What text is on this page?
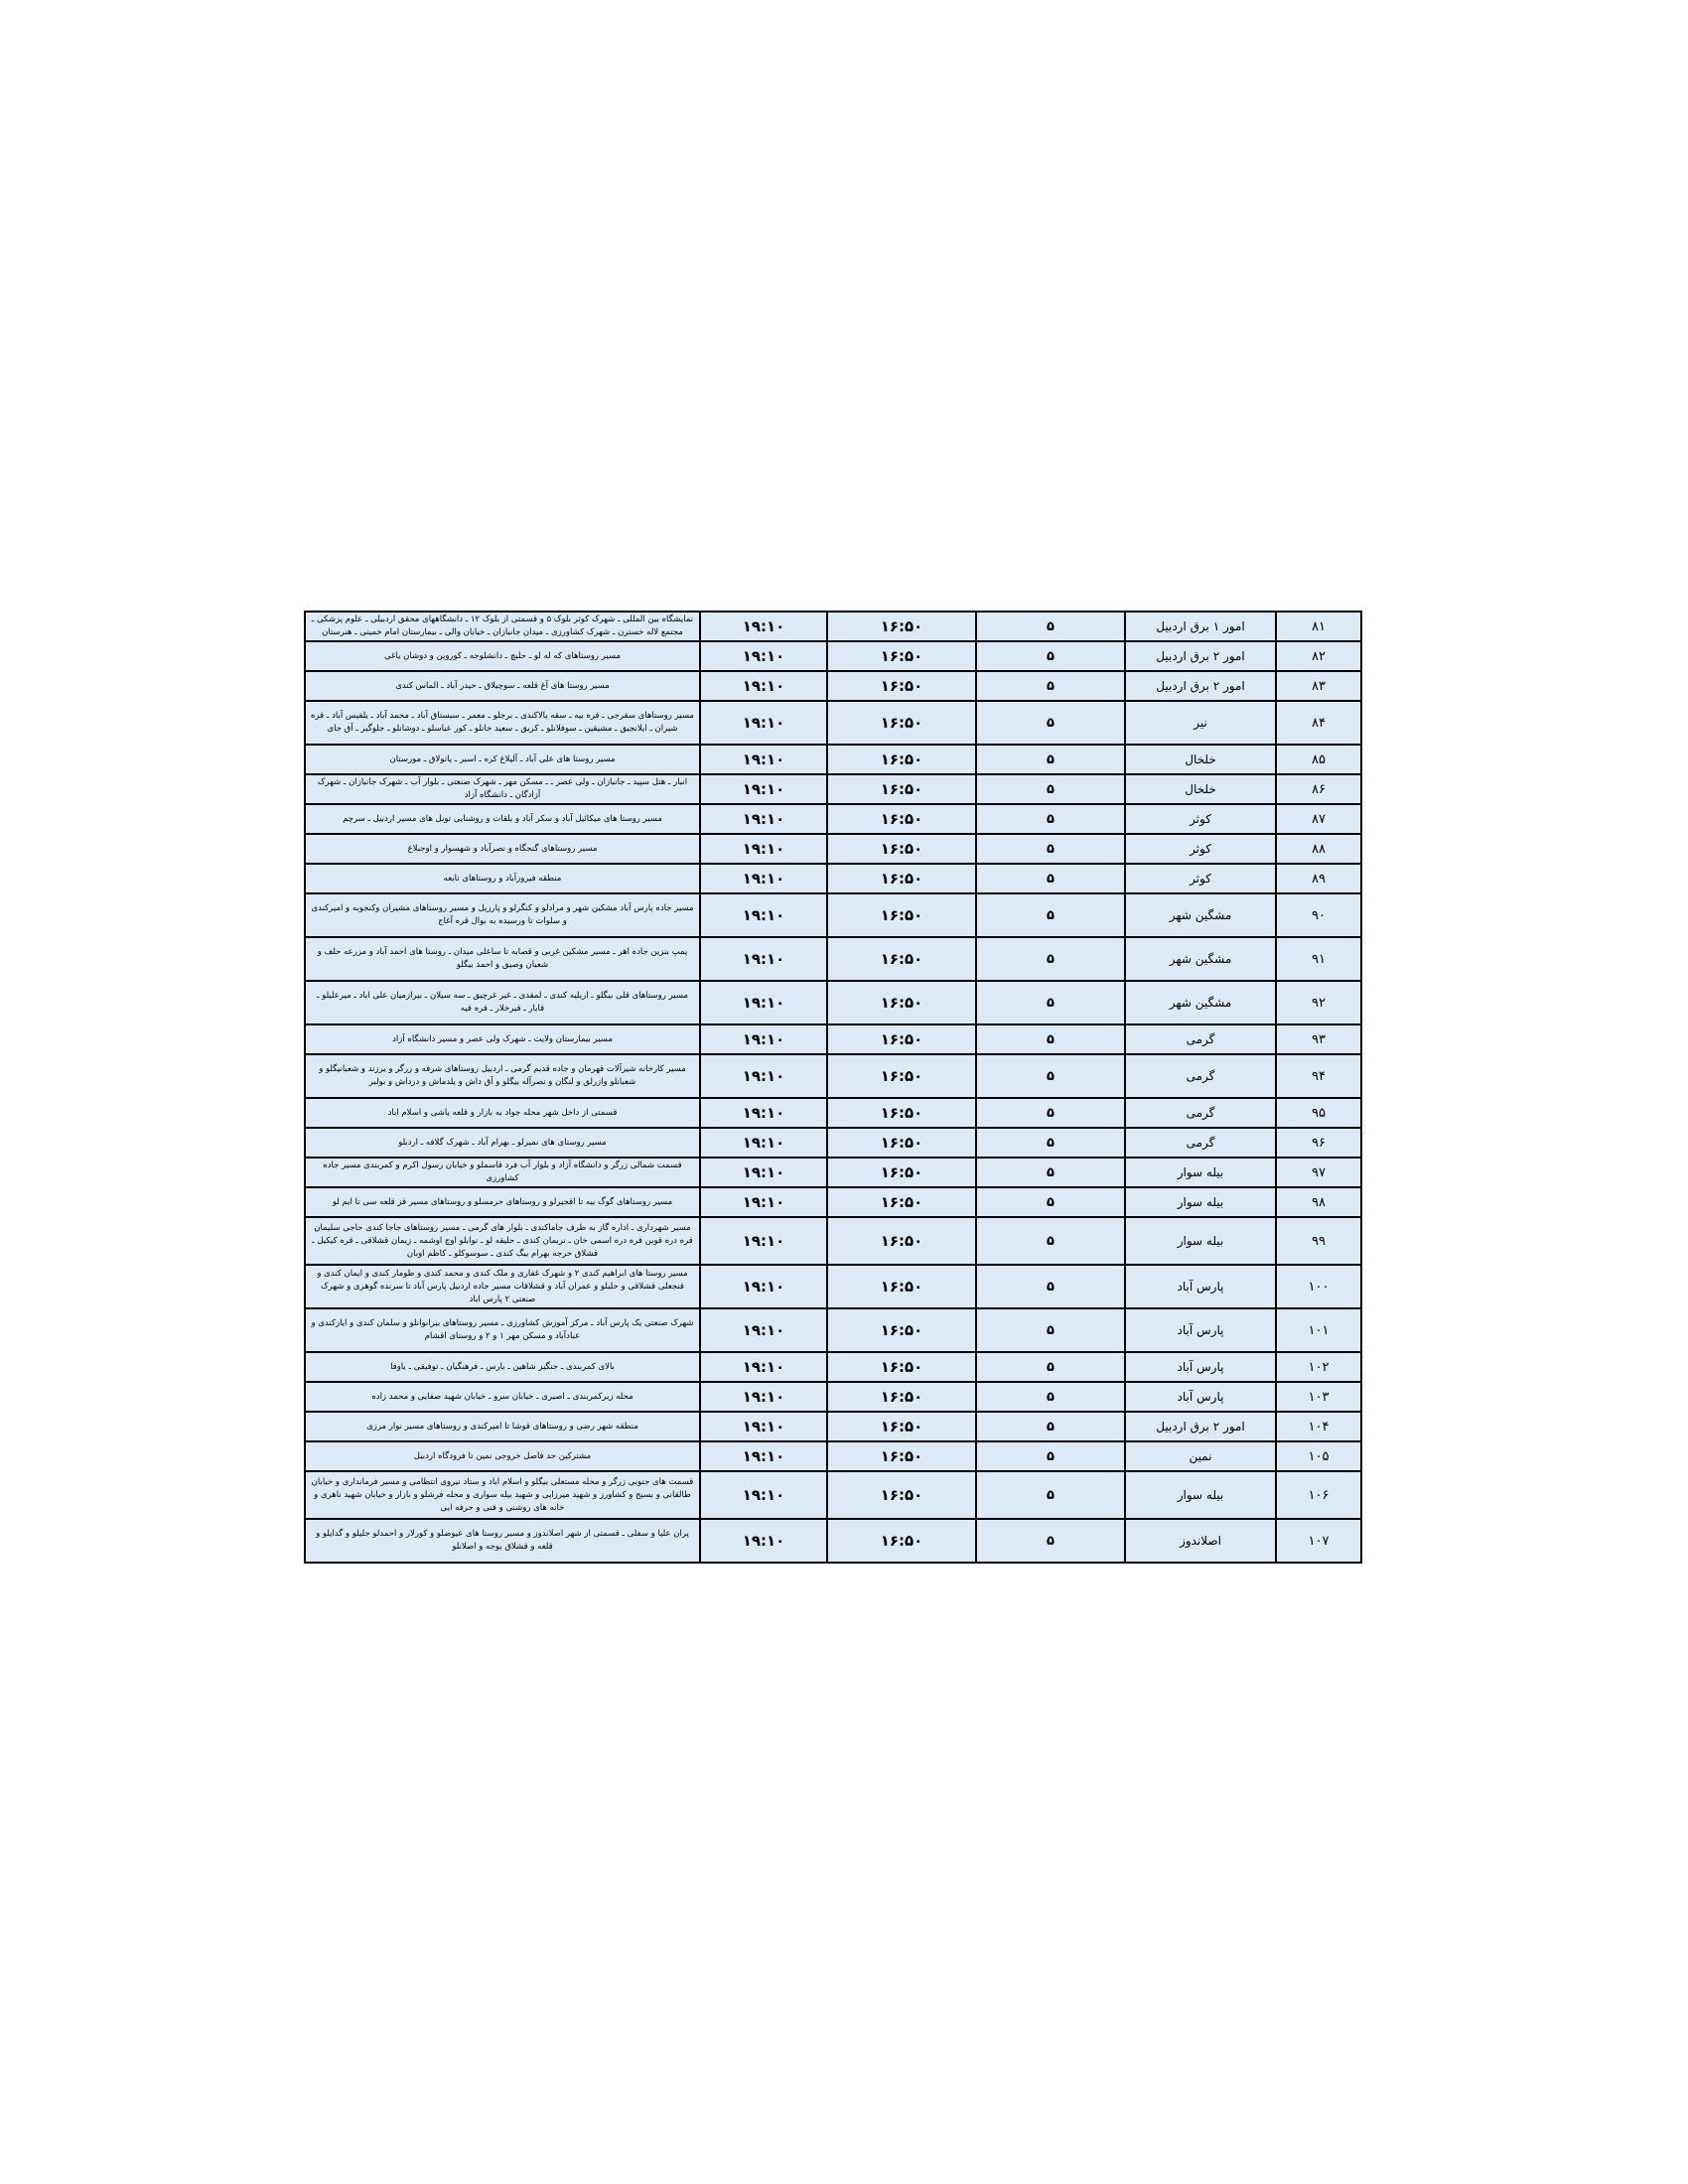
۸۱	امور ۱ برق اردبیل	۵	۱۶:۵۰	۱۹:۱۰	نمایشگاه بین المللی ـ شهرک کوثر بلوک ۵ و قسمتی از بلوک ۱۲ ـ دانشگاههای محقق اردبیلی ـ علوم پزشکی ـ مجتمع لاله خسترن ـ شهرک کشاورزی ـ میدان جانبازان ـ خیابان والی ـ بیمارستان امام خمینی ـ هنرستان
۸۲	امور ۲ برق اردبیل	۵	۱۶:۵۰	۱۹:۱۰	مسیر روستاهای که له لو ـ حلبچ ـ دانشلوجه ـ کوروین و دوشان یاغی
۸۳	امور ۲ برق اردبیل	۵	۱۶:۵۰	۱۹:۱۰	مسیر روستا های آغ قلعه ـ سوچیلاق ـ حیدر آباد ـ الماس کندی
۸۴	نیر	۵	۱۶:۵۰	۱۹:۱۰	مسیر روستاهای سقرجی ـ قره بیه ـ سقه یالاکندی ـ برجلو ـ معمر ـ سبستاق آباد ـ محمد آباد ـ یلقیس آباد ـ قره شیران ـ ایلانجیق ـ مشیقین ـ سوفلانلو ـ کریق ـ سعید خانلو ـ کور عباسلو ـ دوشانلو ـ جلوگیر ـ آق جای
۸۵	خلخال	۵	۱۶:۵۰	۱۹:۱۰	مسیر روستا های علی آباد ـ آلیلاغ کره ـ اسبر ـ یاتولاق ـ مورستان
۸۶	خلخال	۵	۱۶:۵۰	۱۹:۱۰	انبار ـ هتل سپید ـ جانبازان ـ ولی عصر ـ ـ مسکن مهر ـ شهرک صنعتی ـ بلوار آب ـ شهرک جانبازان ـ شهرک آزادگان ـ دانشگاه آزاد
۸۷	کوثر	۵	۱۶:۵۰	۱۹:۱۰	مسیر روستا های میکائیل آباد و سکر آباد و بلقات و روشنایی تونل های مسیر اردبیل ـ سرچم
۸۸	کوثر	۵	۱۶:۵۰	۱۹:۱۰	مسیر روستاهای گنجگاه و نصرآباد و شهسوار و اوجبلاغ
۸۹	کوثر	۵	۱۶:۵۰	۱۹:۱۰	منطقه فیروزآباد و روستاهای تابعه
۹۰	مشگین شهر	۵	۱۶:۵۰	۱۹:۱۰	مسیر جاده پارس آباد مشکین شهر و مرادلو و کنگرلو و پارزیل و مسیر روستاهای مشیران وکنجوبه و امیرکندی و سلوات تا ورسیده به بوال قره آغاج
۹۱	مشگین شهر	۵	۱۶:۵۰	۱۹:۱۰	پمپ بنزین جاده اهر ـ مسیر مشکین غربی و قصابه تا ساعلی میدان ـ روستا های احمد آباد و مزرعه حلف و شعبان وصیق و احمد بیگلو
۹۲	مشگین شهر	۵	۱۶:۵۰	۱۹:۱۰	مسیر روستاهای قلی بیگلو ـ اریلیه کندی ـ لمقدی ـ غیر غرچیق ـ سه سیلان ـ بیرازمیان علی اباد ـ میرعلیلو ـ قابار ـ قیرخلار ـ قره قیه
۹۳	گرمی	۵	۱۶:۵۰	۱۹:۱۰	مسیر بیمارستان ولایت ـ شهرک ولی عصر و مسیر دانشگاه آزاد
۹۴	گرمی	۵	۱۶:۵۰	۱۹:۱۰	مسیر کارخانه شیرآلات قهرمان و جاده قدیم گرمی ـ اردبیل روستاهای شرفه و زرگر و یرزند و شعبانیگلو و شعبانلو وازرلق و لنگان و نصرآله بیگلو و آق داش و یلدماش و درداش و بولبر
۹۵	گرمی	۵	۱۶:۵۰	۱۹:۱۰	قسمتی از داخل شهر محله جواد به بازار و قلعه یاشی و اسلام اباد
۹۶	گرمی	۵	۱۶:۵۰	۱۹:۱۰	مسیر روستای های نمیرلو ـ بهرام آباد ـ شهرک گلافه ـ اردبلو
۹۷	بیله سوار	۵	۱۶:۵۰	۱۹:۱۰	قسمت شمالی زرگر و دانشگاه آزاد و بلوار آب فرد قاسملو و خیابان رسول اکرم و کمربندی مسیر جاده کشاورزی
۹۸	بیله سوار	۵	۱۶:۵۰	۱۹:۱۰	مسیر روستاهای گوگ بیه تا اقجیرلو و روستاهای حرمسلو و روستاهای مسیر قز قلعه سی تا ایم لو
۹۹	بیله سوار	۵	۱۶:۵۰	۱۹:۱۰	مسیر شهرداری ـ اداره گاز به طرف جاماکندی ـ بلوار های گرمی ـ مسیر روستاهای جاجا کندی حاجی سلیمان قره دره قوین قره دره اسمی خان ـ نریمان کندی ـ حلیقه لو ـ نوابلو اوچ اوشمه ـ زیمان قشلاقی ـ قره کیکیل ـ قشلاق حرجه بهرام بیگ کندی ـ سوسوکلو ـ کاظم اوبان
۱۰۰	پارس آباد	۵	۱۶:۵۰	۱۹:۱۰	مسیر روستا های ابراهیم کندی ۲ و شهرک غفاری و ملک کندی و محمد کندی و طومار کندی و ایمان کندی و قنجعلی قشلاقی و حلبلو و عمران آباد و قشلاقات مسیر جاده اردبیل پارس آباد تا سرنده گوهری و شهرک صنعتی ۲ پارس اباد
۱۰۱	پارس آباد	۵	۱۶:۵۰	۱۹:۱۰	شهرک صنعتی یک پارس آباد ـ مرکز آموزش کشاورزی ـ مسیر روستاهای بیرانوانلو و سلمان کندی و ایازکندی و عبادآباد و مسکن مهر ۱ و ۲ و روستای اقشام
۱۰۲	پارس آباد	۵	۱۶:۵۰	۱۹:۱۰	بالای کمربندی ـ جنگیز شاهین ـ بارس ـ فرهنگیان ـ توفیقی ـ یاوفا
۱۰۳	پارس آباد	۵	۱۶:۵۰	۱۹:۱۰	محله زیرکمربندی ـ اصیری ـ خیابان سرو ـ خیابان شهید صفایی و محمد زاده
۱۰۴	امور ۲ برق اردبیل	۵	۱۶:۵۰	۱۹:۱۰	منطقه شهر رضی و روستاهای قوشا تا امیرکندی و روستاهای مسیر نوار مرزی
۱۰۵	نمین	۵	۱۶:۵۰	۱۹:۱۰	مشترکین حد فاصل خروجی نمین تا فرودگاه اردبیل
۱۰۶	بیله سوار	۵	۱۶:۵۰	۱۹:۱۰	قسمت های جنوبی زرگر و محله مستعلی بیگلو و اسلام اباد و ستاد نیروی انتظامی و مسیر فرمانداری و خیابان طالقانی و بسیج و کشاورز و شهید میرزایی و شهید بیله سواری و محله فرشلو و بازار و خیابان شهید ناهری و خانه های روشنی و فنی و حرفه ایی
۱۰۷	اصلاندوز	۵	۱۶:۵۰	۱۹:۱۰	پران علیا و سفلی ـ قسمتی از شهر اصلاندوز و مسیر روستا های عیوضلو و کورلار و احمدلو جلیلو و گدایلو و قلعه و قشلاق یوجه و اصلانلو
